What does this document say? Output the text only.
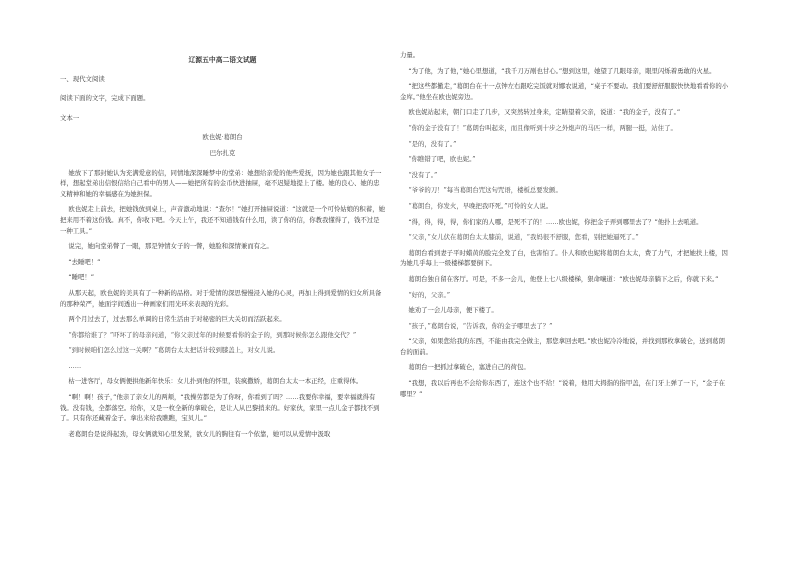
辽源五中高二语文试题

一、现代文阅读

阅读下面的文字，完成下面题。

文本一

欧也妮·葛朗台

巴尔扎克

她放下了那封她认为充满爱意的信，同情地深深睡梦中的堂弟：她想给亲爱的他些爱抚，因为她也跟其他女子一样，想起堂弟出信恨信给自己看中的男人——她把所有的金币快进抽屉，毫不迟疑地提上了楼。她的良心、她的忠义精神和她的幸福感在为她担保。

欧也妮走上前去，把她钱放到桌上，声音激动地说：“查尔！”她打开抽屉说道：“这就是一个可怜姑娘的积蓄，她把来用不着这份钱。真不，你收下吧。今天上午，我还不知道钱有什么用，读了你的信，你教我懂得了，钱不过是一种工具。”

说完，她向堂弟瞥了一眼，那是钟情女子的一瞥，她脸和深情兼而有之。

“去睡吧！”

“睡吧！”

从那天起，欧也妮的美具有了一种新的品格。对于爱情的深思慢慢浸入她的心灵，再加上得到爱情的妇女所具备的那种荣严，她面宇间透出一种画家们用光环来表现的光彩。

两个月过去了，过去那么单调的日常生活由于对秘密的巨大关切而活跃起来。

“你都给谁了？”吓坏了的母亲问道，“你父亲过年的时候要看你的金子的，到那时候你怎么跟他交代？”

“到时候咱们怎么过这一关啊？”葛朗台太太把话计较到膝盖上，对女儿说。

……

枯一进客厅，母女俩便拱他新年快乐：女儿扑到他的怀里，装疯撒娇，葛朗台太太一本正经，庄重得体。

“啊！啊！孩子，”他亲了亲女儿的两颊，“我操劳都是为了你呀，你看到了吗？……我要你幸福，要幸福就得有钱。没有钱，全都落空。给你，又是一枚全新的拿破仑，是让人从巴黎捎来的。好家伙，家里一点儿金子都找不到了。只有你还藏着金子。拿出来给我瞧瞧，宝贝儿。”

老葛朗台是说得起劲，母女俩就知心里发紧，欲女儿的胸往有一个依靠，她可以从爱情中汲取

力量。

“为了他，为了他，”她心里想道，“我千刀万剐也甘心。”想到这里，她望了几眼母亲，眼里闪烁着勇敢的火星。

“把这些都撤走，”葛朗台在十一点钟左右跟吃完饭就对娜农说道，“桌子不要动。我们要舒舒服服快快地看看你的小金库。”他坐在欧也妮旁边。

欧也妮站起来，朝门口走了几步，又突然转过身来，定睛望着父亲，说道：“我的金子，没有了。”

“你的金子没有了！”葛朗台叫起来，而且像听到十步之外炮声的马匹一样，两腿一挺，站住了。

“是的，没有了。”

“你瞧错了吧，欧也妮。”

“没有了。”

“爷爷的刀！”每当葛朗台咒这句咒语，楼板总要发颤。

“葛朗台，你发火，早晚把我吓死。”可怜的女人说。

“得，得，得，得，你们家的人哪，是死不了的！……欧也妮，你把金子弄到哪里去了？”他扑上去吼道。

“父亲，”女儿伏在葛朗台太太膝前，说道，“我妈很不舒服，您看，别把她逼死了。”

葛朗台看到妻子平时蜡黄的脸完全发了白，也害怕了。仆人和欧也妮将葛朗台太太，费了力气，才把她扶上楼，因为她几乎每上一级楼梯都要倒下。

葛朗台独自留在客厅。可是，不多一会儿，他登上七八级楼梯，狠命嚷道：“欧也妮母亲躺下之后，你就下来。”

“好的，父亲。”

她劝了一会儿母亲，便下楼了。

“孩子，”葛朗台说，“告诉我，你的金子哪里去了？”

“父亲，如果您给我的东西，不能由我完全做主，那您拿回去吧。”欧也妮冷冷地说，并找到那枚拿破仑，送到葛朗台的面前。

葛朗台一把抓过拿破仑，塞进自己的荷包。

“我想，我以后再也不会给你东西了，连这个也不给！”说着，他用大拇指的指甲盖，在门牙上弹了一下，“金子在哪里？”
